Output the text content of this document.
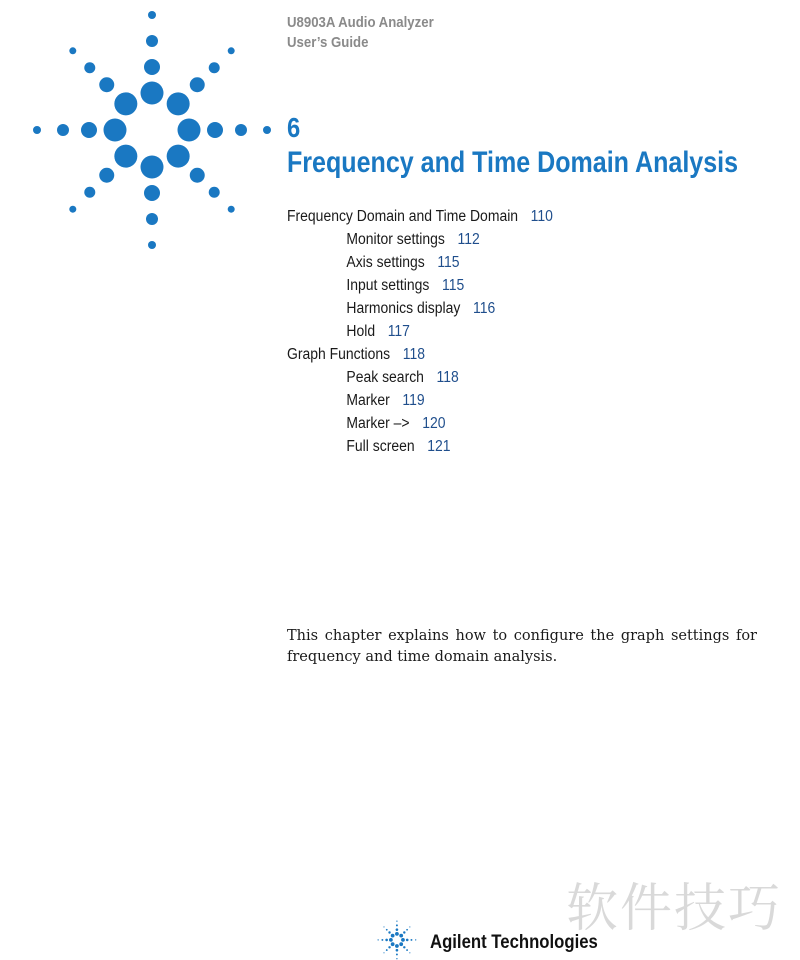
U8903A Audio Analyzer
User’s Guide
6
Frequency and Time Domain Analysis
Frequency Domain and Time Domain 110
Monitor settings 112
Axis settings 115
Input settings 115
Harmonics display 116
Hold 117
Graph Functions 118
Peak search 118
Marker 119
Marker –> 120
Full screen 121
This chapter explains how to configure the graph settings for frequency and time domain analysis.
Agilent Technologies
软件技巧
